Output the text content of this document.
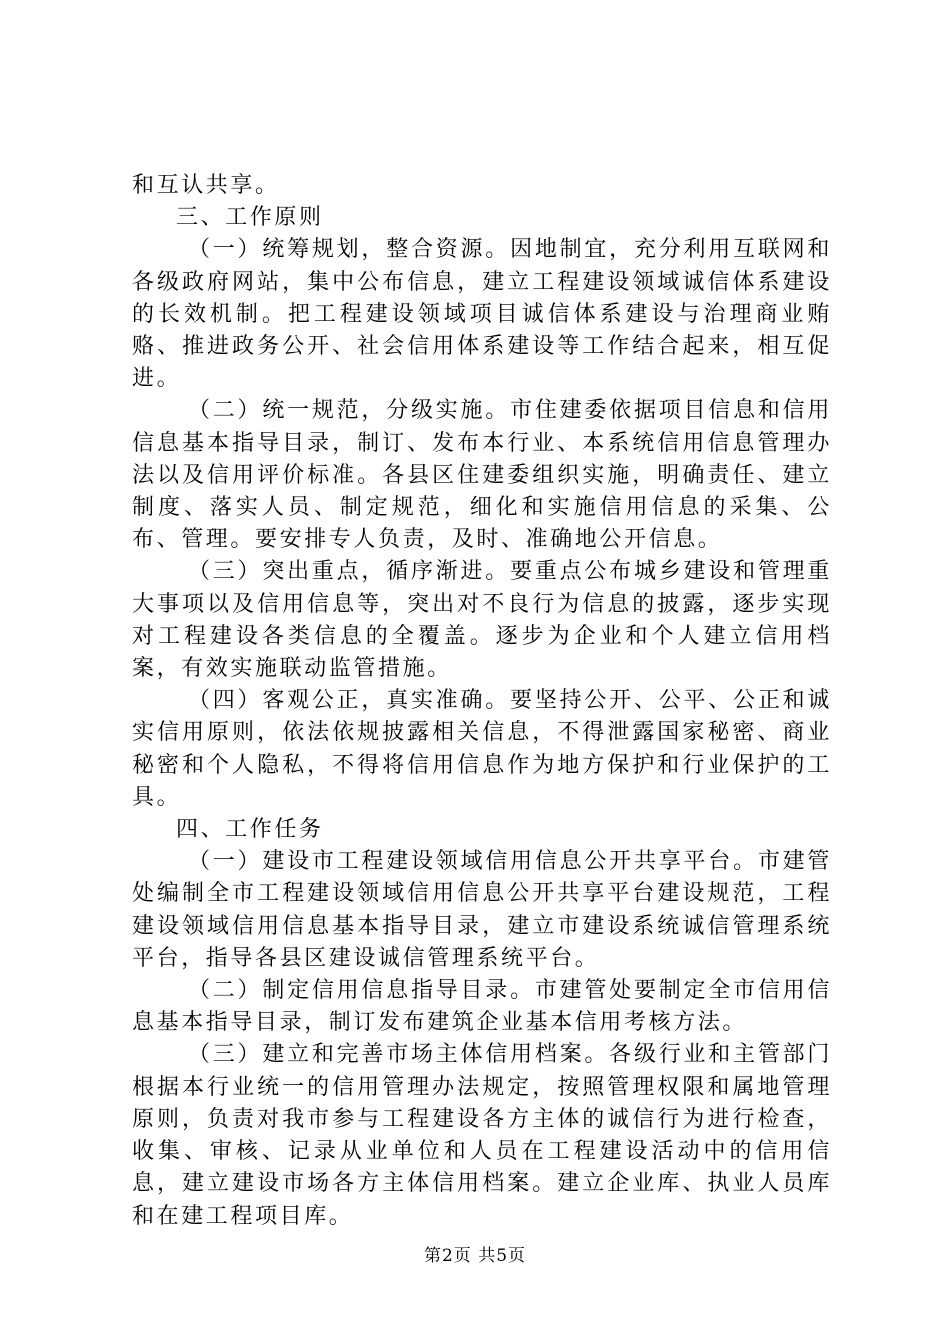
和互认共享。

三、工作原则

（一）统筹规划，整合资源。因地制宜，充分利用互联网和各级政府网站，集中公布信息，建立工程建设领域诚信体系建设的长效机制。把工程建设领域项目诚信体系建设与治理商业贿赂、推进政务公开、社会信用体系建设等工作结合起来，相互促进。

（二）统一规范，分级实施。市住建委依据项目信息和信用信息基本指导目录，制订、发布本行业、本系统信用信息管理办法以及信用评价标准。各县区住建委组织实施，明确责任、建立制度、落实人员、制定规范，细化和实施信用信息的采集、公布、管理。要安排专人负责，及时、准确地公开信息。

（三）突出重点，循序渐进。要重点公布城乡建设和管理重大事项以及信用信息等，突出对不良行为信息的披露，逐步实现对工程建设各类信息的全覆盖。逐步为企业和个人建立信用档案，有效实施联动监管措施。

（四）客观公正，真实准确。要坚持公开、公平、公正和诚实信用原则，依法依规披露相关信息，不得泄露国家秘密、商业秘密和个人隐私，不得将信用信息作为地方保护和行业保护的工具。

四、工作任务

（一）建设市工程建设领域信用信息公开共享平台。市建管处编制全市工程建设领域信用信息公开共享平台建设规范，工程建设领域信用信息基本指导目录，建立市建设系统诚信管理系统平台，指导各县区建设诚信管理系统平台。

（二）制定信用信息指导目录。市建管处要制定全市信用信息基本指导目录，制订发布建筑企业基本信用考核方法。

（三）建立和完善市场主体信用档案。各级行业和主管部门根据本行业统一的信用管理办法规定，按照管理权限和属地管理原则，负责对我市参与工程建设各方主体的诚信行为进行检查，收集、审核、记录从业单位和人员在工程建设活动中的信用信息，建立建设市场各方主体信用档案。建立企业库、执业人员库和在建工程项目库。

第2页 共5页
